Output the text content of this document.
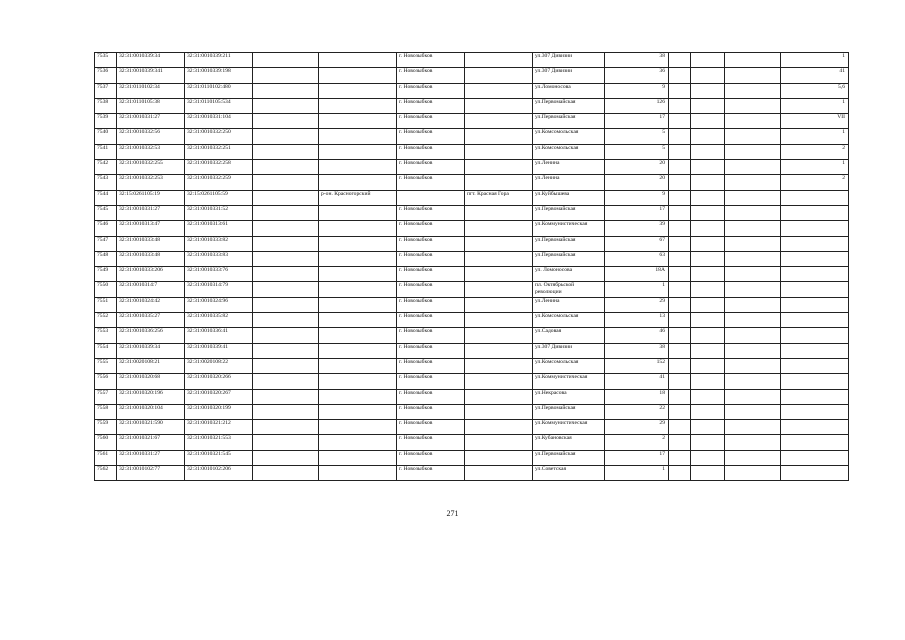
7535	32:31:0010339:34	32:31:0010339:211			г. Новозыбков		ул.307 Дивизии	38				1
7536	32:31:0010339:341	32:31:0010339:198			г. Новозыбков		ул.307 Дивизии	36				41
7537	32:31:0110102:34	32:31:0110102:480			г. Новозыбков		ул.Ломоносова	9				5,6
7538	32:31:0110105:38	32:31:0110105:534			г. Новозыбков		ул.Первомайская	126				1
7539	32:31:0010331:27	32:31:0010331:104			г. Новозыбков		ул.Первомайская	17				VII
7540	32:31:0010332:56	32:31:0010332:250			г. Новозыбков		ул.Комсомольская	5				1
7541	32:31:0010332:53	32:31:0010332:251			г. Новозыбков		ул.Комсомольская	5				2
7542	32:31:0010332:255	32:31:0010332:258			г. Новозыбков		ул.Ленина	20				1
7543	32:31:0010332:253	32:31:0010332:259			г. Новозыбков		ул.Ленина	20				2
7544	32:15:0261105:19	32:15:0261105:59		р-он. Красногорский		пгт. Красная Гора	ул.Куйбышева	9				
7545	32:31:0010331:27	32:31:0010331:52			г. Новозыбков		ул.Первомайская	17				
7546	32:31:0010313:47	32:31:0010313:61			г. Новозыбков		ул.Коммунистическая	39				
7547	32:31:0010333:48	32:31:0010333:82			г. Новозыбков		ул.Первомайская	67				
7548	32:31:0010333:48	32:31:0010333:83			г. Новозыбков		ул.Первомайская	63				
7549	32:31:0010333:206	32:31:0010333:76			г. Новозыбков		ул. Ломоносова	18А				
7550	32:31:0010314:7	32:31:0010314:79			г. Новозыбков		пл. Октябрьской революции	1				
7551	32:31:0010324:42	32:31:0010324:96			г. Новозыбков		ул.Ленина	29				
7552	32:31:0010335:27	32:31:0010335:82			г. Новозыбков		ул.Комсомольская	13				
7553	32:31:0010336:256	32:31:0010336:41			г. Новозыбков		ул.Садовая	46				
7554	32:31:0010339:34	32:31:0010339:41			г. Новозыбков		ул.307 Дивизии	38				
7555	32:31:0020108:21	32:31:0020108:22			г. Новозыбков		ул.Комсомольская	152				
7556	32:31:0010320:68	32:31:0010320:266			г. Новозыбков		ул.Коммунистическая	41				
7557	32:31:0010320:196	32:31:0010320:267			г. Новозыбков		ул.Некрасова	18				
7558	32:31:0010320:104	32:31:0010320:199			г. Новозыбков		ул.Первомайская	22				
7559	32:31:0010321:590	32:31:0010321:212			г. Новозыбков		ул.Коммунистическая	29				
7560	32:31:0010321:67	32:31:0010321:553			г. Новозыбков		ул.Кубановская	2				
7561	32:31:0010331:27	32:31:0010321:545			г. Новозыбков		ул.Первомайская	17				
7562	32:31:0010102:77	32:31:0010102:206			г. Новозыбков		ул.Советская	1				
271
